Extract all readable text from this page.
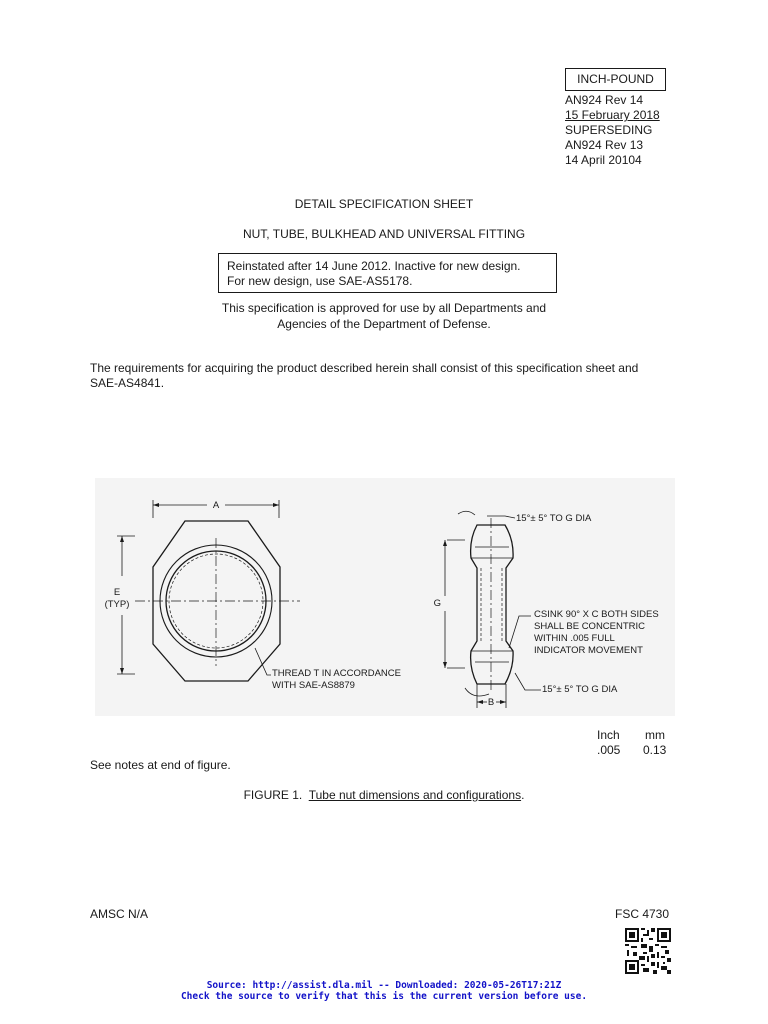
INCH-POUND
AN924 Rev 14
15 February 2018
SUPERSEDING
AN924 Rev 13
14 April 20104
DETAIL SPECIFICATION SHEET
NUT, TUBE, BULKHEAD AND UNIVERSAL FITTING
Reinstated after 14 June 2012. Inactive for new design.
For new design, use SAE-AS5178.
This specification is approved for use by all Departments and
Agencies of the Department of Defense.
The requirements for acquiring the product described herein shall consist of this specification sheet and
SAE-AS4841.
A
E
(TYP)
THREAD T IN ACCORDANCE
WITH SAE-AS8879
G
B
15°± 5° TO G DIA
15°± 5° TO G DIA
CSINK 90° X C BOTH SIDES
SHALL BE CONCENTRIC
WITHIN .005 FULL
INDICATOR MOVEMENT
Inch mm
.005 0.13
See notes at end of figure.
FIGURE 1.  Tube nut dimensions and configurations.
AMSC N/A	FSC 4730
Source: http://assist.dla.mil -- Downloaded: 2020-05-26T17:21Z
Check the source to verify that this is the current version before use.
